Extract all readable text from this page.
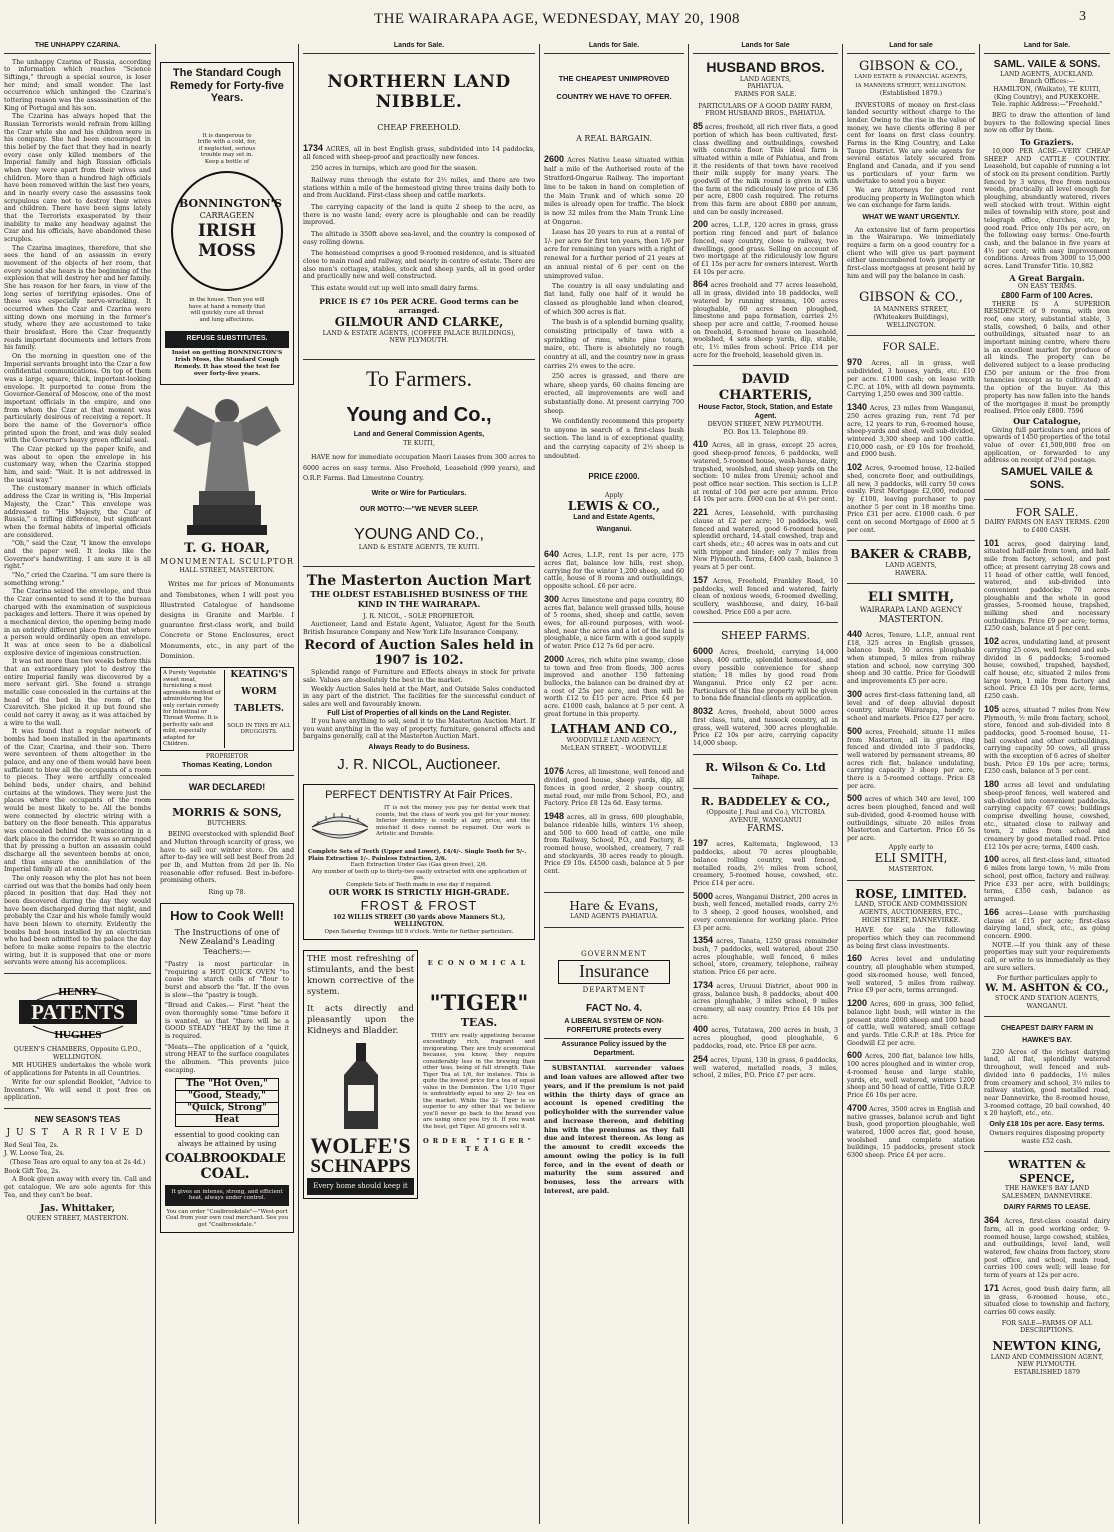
THE WAIRARAPA AGE, WEDNESDAY, MAY 20, 1908	3
THE UNHAPPY CZARINA.

The unhappy Czarina of Russia, according to information which reaches "Science Siftings," through a special source, is loser her mind; and small wonder. The last occurrence which unhinged the Czarina's tottering reason was the assassination of the King of Portugal and his son.

The Czarina has always hoped that the Russian Terrorists would refrain from killing the Czar while she and his children were in his company. She had been encouraged in this belief by the fact that they had in nearly every case only killed members of the Imperial family and high Russian officials when they were apart from their wives and children. More than a hundred high officials have been removed within the last two years, and in nearly every case the assassins took scrupulous care not to destroy their wives and children. There have been signs lately that the Terrorists exasperated by their inability to make any headway against the Czar and his officials, have abandoned these scruples.

The Czarina imagines, therefore, that she sees the hand of an assassin in every movement of the objects of her room, that every sound she hears is the beginning of the explosion that will destroy her and her family. She has reason for her fears, in view of the long series of terrifying episodes. One of these was especially nerve-wracking. It occurred when the Czar and Czarina were sitting down one morning in the former's study, where they are accustomed to take their breakfast. Here the Czar frequently reads important documents and letters from his family.

On the morning in question one of the Imperial servants brought into the Czar a few confidential communications. On top of them was a large, square, thick, important-looking envelope. It purported to come from the Governor-General of Moscow, one of the most important officials in the empire, and one from whom the Czar at that moment was particularly desirous of receiving a report. It bore the name of the Governor's office printed upon the front, and was duly sealed with the Governor's heavy green official seal.

The Czar picked up the paper knife, and was about to open the envelope in his customary way, when the Czarina stopped him, and said: "Wait. It is not addressed in the usual way."

The customary manner in which officials address the Czar in writing is, "His Imperial Majesty, the Czar." This envelope was addressed to "His Majesty, the Czar of Russia," a trifling difference, but significant when the formal habits of imperial officials are considered.

"Oh," said the Czar, "I know the envelope and the paper well. It looks like the Governor's handwriting. I am sure it is all right."

"No," cried the Czarina. "I am sure there is something wrong."

The Czarina seized the envelope, and thus the Czar consented to send it to the bureau charged with the examination of suspicious packages and letters. There it was opened by a mechanical device, the opening being made in an entirely different place from that where a person would ordinarily open an envelope. It was at once seen to be a diabolical explosive device of ingenious construction.

It was not more than two weeks before this that an extraordinary plot to destroy the entire Imperial family was discovered by a mere servant girl. She found a strange metallic case concealed in the curtains at the head of the bed in the room of the Czarevitch. She picked it up but found she could not carry it away, as it was attached by a wire to the wall.

It was found that a regular network of bombs had been installed in the apartments of the Czar, Czarina, and their son. There were seventeen of them altogether in the palace, and any one of them would have been sufficient to blow all the occupants of a room to pieces. They were artfully concealed behind beds, under chairs, and behind curtains at the windows. They were just the places where the occupants of the room would be most likely to be. All the bombs were connected by electric wiring with a battery on the floor beneath. This apparatus was concealed behind the wainscoting in a dark place in the corridor. It was so arranged that by pressing a button an assassin could discharge all the seventeen bombs at once, and thus ensure the annihilation of the Imperial family all at once.

The only reason why the plot has not been carried out was that the bombs had only been placed in position that day. Had they not been discovered during the day they would have been discharged during that night, and probably the Czar and his whole family would have been blown to eternity. Evidently the bombs had been installed by an electrician who had been admitted to the palace the day before to make some repairs to the electric wiring, but it is supposed that one or more servants were among his accomplices.

HENRY
PATENTS
HUGHES

QUEEN'S CHAMBERS, Opposite G.P.O., WELLINGTON.

MR HUGHES undertakes the whole work of applications for Patents in all Countries.

Write for our splendid Booklet, "Advice to Inventors." We will send it post free on application.

NEW SEASON'S TEAS
JUST ARRIVED

Red Seal Tea, 2s.

J. W. Loose Tea, 2s.

(These Teas are equal to any tea at 2s 4d.)

Book Gift Tea, 2s.

A Book given away with every tin. Call and get catalogue. We are sole agents for this Tea, and they can't be beat.

Jas. Whittaker,
QUEEN STREET, MASTERTON.
The Standard Cough Remedy for Forty-five Years.
It is dangerous to trifle with a cold, for, if neglected, serious trouble may set in. Keep a bottle of
BONNINGTON'S
CARRAGEEN
IRISH MOSS
in the house. Then you will have at hand a remedy that will quickly cure all throat and lung affections.
REFUSE SUBSTITUTES.
Insist on getting BONNINGTON'S Irish Moss, the Standard Cough Remedy. It has stood the test for over forty-five years.
T. G. HOAR,
MONUMENTAL SCULPTOR
HALL STREET, MASTERTON.

Writes me for prices of Monuments and Tombstones, when I will post you Illustrated Catalogue of handsome designs in Granite and Marble. I guarantee first-class work, and build Concrete or Stone Enclosures, erect Monuments, etc., in any part of the Dominion.

A Purely Vegetable sweet meat, furnishing a most agreeable method of administering the only certain remedy for Intestinal or Thread Worms. It is perfectly safe and mild, especially adapted for Children.
KEATING'S
WORM
TABLETS.
SOLD IN TINS BY ALL DRUGGISTS.
PROPRIETOR
Thomas Keating, London
WAR DECLARED!
MORRIS & SONS,
BUTCHERS.

BEING overstocked with splendid Beef and Mutton through scarcity of grass, we have to sell our winter store. On and after to-day we will sell best Beef from 2d per lb, and Mutton from 2d per lb. No reasonable offer refused. Best in-before-promising others.

Ring up 78.
How to Cook Well!
The Instructions of one of New Zealand's Leading Teachers:—

"Pastry is most particular in "requiring a HOT QUICK OVEN "to cause the starch cells of "flour to burst and absorb the "fat. If the oven is slow—the "pastry is tough.

"Bread and Cakes.— First "heat the oven thoroughly some "time before it is wanted, so that "there will be a GOOD STEADY "HEAT by the time it is required.

"Meats—The application of a "quick, strong HEAT to the surface coagulates the albumen. "This prevents juice escaping.

The "Hot Oven,"
"Good, Steady,"
"Quick, Strong"
Heat
essential to good cooking can always be attained by using
COALBROOKDALE
COAL.
It gives an intense, strong, and efficient heat, always under control.
You can order "Coalbrookdale"—"West-port Coal from your own coal merchant. See you get "Coalbrookdale."
Lands for Sale.
NORTHERN LAND NIBBLE.
CHEAP FREEHOLD.

1734 ACRES, all in best English grass, subdivided into 14 paddocks, all fenced with sheep-proof and practically new fences.

250 acres in turnips, which are good for the season.

Railway runs through the estate for 2½ miles, and there are two stations within a mile of the homestead giving three trains daily both to and from Auckland. First-class sheep and cattle markets.

The carrying capacity of the land is quite 2 sheep to the acre, as there is no waste land; every acre is ploughable and can be readily improved.

The altitude is 350ft above sea-level, and the country is composed of easy rolling downs.

The homestead comprises a good 9-roomed residence, and is situated close to main road and railway, and nearly in centre of estate. There are also men's cottages, stables, stock and sheep yards, all in good order and practically new and well constructed.

This estate would cut up well into small dairy farms.

PRICE IS £7 10s PER ACRE. Good terms can be arranged.
GILMOUR AND CLARKE,
LAND & ESTATE AGENTS, (COFFEE PALACE BUILDINGS),
NEW PLYMOUTH.
To Farmers.
Young and Co.,
Land and General Commission Agents,
TE KUITI,

HAVE now for immediate occupation Maori Leases from 300 acres to 6000 acres on easy terms. Also Freehold, Leasehold (999 years), and O.R.P. Farms. Bad Limestone Country.

Write or Wire for Particulars.
OUR MOTTO:—"WE NEVER SLEEP.
YOUNG AND Co.,
LAND & ESTATE AGENTS, TE KUITI.
The Masterton Auction Mart
THE OLDEST ESTABLISHED BUSINESS OF THE KIND IN THE WAIRARAPA.
J. R. NICOL, - SOLE PROPRIETOR.

Auctioneer, Land and Estate Agent, Valuator, Agent for the South British Insurance Company and New York Life Insurance Company.

Record of Auction Sales held in 1907 is 102.

Splendid range of Furniture and Effects always in stock for private sale. Values are absolutely the best in the market.

Weekly Auction Sales held at the Mart, and Outside Sales conducted in any part of the district. The facilities for the successful conduct of sales are well and favourably known.

Full List of Properties of all kinds on the Land Register.

If you have anything to sell, send it to the Masterton Auction Mart. If you want anything in the way of property, furniture, general effects and bargains generally, call at the Masterton Auction Mart.

Always Ready to do Business.
J. R. NICOL, Auctioneer.
PERFECT DENTISTRY At Fair Prices.

IT is not the money you pay for dental work that counts, but the class of work you get for your money. Inferior dentistry is costly at any price, and the mischief it does cannot be repaired. Our work is Artistic and Durable.

Complete Sets of Teeth (Upper and Lower), £4/4/-. Single Tooth for 5/-. Plain Extraction 1/-. Painless Extraction, 2/6.
Each Extraction Under Gas (Gas given free), 2/6.
Any number of teeth up to thirty-two easily extracted with one application of gas.
Complete Sets of Teeth made in one day if required.
OUR WORK IS STRICTLY HIGH-GRADE.
FROST & FROST
102 WILLIS STREET (30 yards above Manners St.), WELLINGTON.
Open Saturday Evenings till 9 o'clock. Write for further particulars.

THE most refreshing of stimulants, and the best known corrective of the system.

It acts directly and pleasantly upon the Kidneys and Bladder.

WOLFE'S
SCHNAPPS
Every home should keep it
ECONOMICAL
"TIGER"
TEAS.

THEY are really appetising because exceedingly rich, fragrant and invigorating. They are truly economical because, you know, they require considerably less in the brewing than other teas, being of full strength. Take Tiger Tea at 1/6, for instance. This is quite the lowest price for a tea of equal value in the Dominion. The 1/10 Tiger is undoubtedly equal to any 2/- tea on the market. While the 2/- Tiger is so superior to any other that we believe you'll never go back to the brand you are using once you try it. If you want the best, get Tiger. All grocers sell it.

ORDER "TIGER" TEA
Lands for Sale.
THE CHEAPEST UNIMPROVED COUNTRY WE HAVE TO OFFER.
A REAL BARGAIN.

2600 Acres Native Lease situated within half a mile of the Authorised route of the Stratford-Ongarue Railway. The important line to be taken in hand on completion of the Main Trunk and of which some 20 miles is already open for traffic. The block is now 32 miles from the Main Trunk Line at Ongarue.

Lease has 20 years to run at a rental of 1/- per acre for first ten years, then 1/6 per acre for remaining ten years with a right of renewal for a further period of 21 years at an annual rental of 6 per cent on the unimproved value.

The country is all easy undulating and flat land, fully one half of it would be classed as ploughable land when cleared, of which 300 acres is flat.

The bush is of a splendid burning quality, consisting principally of tawa with a sprinkling of rimu, white pine totara, maire, etc. There is absolutely no rough country at all, and the country now in grass carries 2½ ewes to the acre.

250 acres is grassed, and there are whare, sheep yards, 60 chains fencing are erected, all improvements are well and substantially done. At present carrying 700 sheep.

We confidently recommend this property to anyone in search of a first-class bush section. The land is of exceptional quality, and the carrying capacity of 2½ sheep is undoubted.

PRICE £2000.
Apply
LEWIS & CO.,
Land and Estate Agents,
Wanganui.

640 Acres, L.I.P., rent 1s per acre, 175 acres flat, balance low hills, rest shop, carrying for the winter 1,200 sheep, and 60 cattle, house of 8 rooms and outbuildings, opposite school. £6 per acre.

300 Acres limestone and papa country, 80 acres flat, balance well grassed hills, house of 5 rooms, shed, sheep and cattle, seven ewes, for all-round purposes, with wool-shed, near the acres and a lot of the land is ploughable, a nice farm with a good supply of water. Price £12 7s 6d per acre.

2000 Acres, rich white pine swamp, close to town and free from floods, 300 acres improved and another 150 fattening bullocks, the balance can be drained dry at a cost of 25s per acre, and then will be worth £12 to £15 per acre. Price £4 per acre. £1000 cash, balance at 5 per cent. A great fortune in this property.

LATHAM AND CO.,
WOODVILLE LAND AGENCY,
McLEAN STREET, - WOODVILLE

1076 Acres, all limestone, well fenced and divided, good house, sheep yards, dip, all fences in good order, 2 sheep country, metal road, our mile from School, P.O., and Factory. Price £8 12s 6d. Easy terms.

1948 acres, all in grass, 600 ploughable, balance rideable hills, winters 1½ sheep, and 500 to 600 head of cattle, one mile from Railway, School, P.O., and Factory, 8-roomed house, woolshed, creamery, 7 rail and stockyards, 30 acres ready to plough. Price £9 10s. £4500 cash, balance at 5 per cent.

Hare & Evans,
LAND AGENTS PAHIATUA.
GOVERNMENT
Insurance
DEPARTMENT
FACT No. 4.
A LIBERAL SYSTEM OF NON-FORFEITURE protects every
Assurance Policy issued by the Department.

SUBSTANTIAL surrender values and loan values are allowed after two years, and if the premium is not paid within the thirty days of grace an account is opened crediting the policyholder with the surrender value and increase thereon, and debiting him with the premiums as they fall due and interest thereon. As long as the amount to credit exceeds the amount owing the policy is in full force, and in the event of death or maturity the sum assured and bonuses, less the arrears with interest, are paid.

Lands for Sale
HUSBAND BROS.
LAND AGENTS,
PAHIATUA.
FARMS FOR SALE.
PARTICULARS OF A GOOD DAIRY FARM, FROM HUSBAND BROS., PAHIATUA.

85 acres, freehold, all rich river flats, a good portion of which has been cultivated, first-class dwelling and outbuildings, cowshed with concrete floor. This ideal farm is situated within a mile of Pahiatua, and from it the residents of that town have received their milk supply for many years. The goodwill of the milk round is given in with the farm at the ridiculously low price of £36 per acre, £800 cash required. The returns from this farm are about £800 per annum, and can be easily increased.

200 acres, L.I.P., 120 acres in grass, grass portion ring fenced and part of balance fenced, easy country, close to railway, two dwellings, good grass. Selling on account of two mortgage at the ridiculously low figure of £1 15s per acre for owners interest. Worth £4 10s per acre.

864 acres freehold and 77 acres leasehold, all in grass, divided into 18 paddocks, well watered by running streams, 100 acres ploughable, 60 acres been ploughed, limestone and papa formation, carries 2½ sheep per acre and cattle, 7-roomed house on freehold, 8-roomed house on leasehold, woolshed, 4 sets sheep yards, dip, stable, etc, 1½ miles from school. Price £14 per acre for the freehold, leasehold given in.

DAVID CHARTERIS,
House Factor, Stock, Station, and Estate Agent.
DEVON STREET, NEW PLYMOUTH.
P.O. Box 13. Telephone 89.

410 Acres, all in grass, except 25 acres, good sheep-proof fences, 6 paddocks, well watered, 5-roomed house, wash-house, dairy, trapshed, woolshed, and sheep yards on the section: 10 miles from Urenui; school and post office near section. This section is L.I.P. at rental of 10d per acre per annum. Price £4 10s per acre. £600 can be at 4½ per cent.

221 Acres, Leasehold, with purchasing clause at £2 per acre; 10 paddocks, well fenced and watered, good 6-roomed house, splendid orchard, 14-stall cowshed, trap and cart sheds, etc.; 40 acres was in oats and cut with tripper and binder; only 7 miles from New Plymouth. Terms, £400 cash, balance 3 years at 5 per cent.

157 Acres, Freehold, Frankley Road, 10 paddocks, well fenced and watered, fairly clean of noxious weeds, 6-roomed dwelling, scullery, washhouse, and dairy, 16-bail cowshed. Price £60 a per acre.

SHEEP FARMS.

6000 Acres, freehold, carrying 14,000 sheep, 400 cattle, splendid homestead, and every possible convenience for sheep station; 18 miles by good road from Wanganui. Price only £2 per acre. Particulars of this fine property will be given to bona fide financial clients on application.

8032 Acres, freehold, about 5000 acres first class, tutu, and tussock country, all in grass, well watered, 300 acres ploughable. Price £2 10s per acre, carrying capacity 14,000 sheep.

R. Wilson & Co. Ltd
Taihape.
R. BADDELEY & CO.,
(Opposite J. Paul and Co.), VICTORIA AVENUE, WANGANUI
FARMS.

197 acres, Kaitemata, Inglewood, 13 paddocks, about 70 acres ploughable, balance rolling country, well fenced, metalled roads, 2½ miles from school, creamery, 5-roomed house, cowshed, etc. Price £14 per acre.

5000 acres, Wanganui District, 200 acres in bush, well fenced, metalled roads, carry 2½ to 3 sheep, 2 good houses, woolshed, and every convenience for working place. Price £3 per acre.

1354 acres, Tanata, 1250 grass remainder bush, 7 paddocks, well watered, about 250 acres ploughable, well fenced, 6 miles school, store, creamery, telephone, railway station. Price £6 per acre.

1734 acres, Uruuui District, about 900 in grass, balance bush, 8 paddocks, about 400 acres ploughable, 3 miles school, 9 miles creamery, all easy country. Price £4 10s per acre.

400 acres, Tutatawa, 200 acres in bush, 3 acres ploughed, good ploughable, 6 paddocks, road, etc. Price £8 per acre.

254 acres, Upuni, 130 in grass, 6 paddocks, well watered, metalled roads, 3 miles, school, 2 miles, P.O. Price £7 per acre.

Land for sale
GIBSON & CO.,
LAND ESTATE & FINANCIAL AGENTS,
IA MANNERS STREET, WELLINGTON.
(Established 1879.)

INVESTORS of money on first-class landed security without charge to the lender. Owing to the rise in the value of money, we have clients offering 8 per cent for loans on first class country. Farms in the King Country, and Lake Taupo District. We are sole agents for several estates lately secured from England and Canada, and if you send us particulars of your farm we undertake to send you a buyer.

We are Attorneys for good rent producing property in Wellington which we can exchange for farm lands.

WHAT WE WANT URGENTLY.

An extensive list of farm properties in the Wairarapa. We immediately require a farm on a good country for a client who will give us part payment either unencumbered town property or first-class mortgages at present held by him and will pay the balance in cash.

GIBSON & CO.,
IA MANNERS STREET,
(Whiteakers Buildings),
WELLINGTON.
FOR SALE.

970 Acres, all in grass, well subdivided, 3 houses, yards, etc. £10 per acre. £1000 cash; on lease with C.P.C. at 10%, with all down payments. Carrying 1,250 ewes and 300 cattle.

1340 Acres, 23 miles from Wanganui, 250 acres grazing run, rent 7d per acre, 12 years to run, 6-roomed house, sheep-yards and shed, well sub-divided, wintered 3,300 sheep and 100 cattle. £10,000 cash, or £9 10s for freehold, and £900 bush.

102 Acres, 9-roomed house, 12-bailed shed, concrete floor, and outbuildings, all new, 3 paddocks, will carry 50 cows easily. First Mortgage £2,000, reduced by £100, leaving purchaser to pay another 5 per cent in 18 months time. Price £31 per acre. £1000 cash. 6 per cent on second Mortgage of £600 at 5 per cent.

BAKER & CRABB,
LAND AGENTS,
HAWERA.
ELI SMITH,
WAIRARAPA LAND AGENCY
MASTERTON.

440 Acres, Tenure, L.I.P., annual rent £18, 325 acres in English grasses, balance bush, 30 acres ploughable when stumped, 5 miles from railway station and school, now carrying 300 sheep and 30 cattle. Price for Goodwill and improvements £5 per acre.

300 acres first-class fattening land, all level and of deep alluvial deposit country, situate Wairarapa, handy to school and markets. Price £27 per acre.

500 acres, Freehold, situate 11 miles from Masterton, all in grass, ring fenced and divided into 3 paddocks, well watered by permanent streams, 80 acres rich flat, balance undulating, carrying capacity 3 sheep per acre, there is a 5-roomed cottage. Price £8 per acre.

500 acres of which 340 are level, 100 acres been ploughed, fenced and well sub-divided, good 4-roomed house with outbuildings, situate 20 miles from Masterton and Carterton. Price £6 5s per acre.

Apply early to
ELI SMITH,
MASTERTON.
ROSE, LIMITED.
LAND, STOCK AND COMMISSION AGENTS, AUCTIONEERS, ETC.,
HIGH STREET, DANNEVIRKE.

HAVE for sale the following properties which they can recommend as being first class investments.

160 Acres level and undulating country, all ploughable when stumped, good six-roomed house, well fenced, well watered, 5 miles from railway. Price £9 per acre, terms arranged.

1200 Acres, 600 in grass, 300 felled, balance light bush, will winter in the present state 2000 sheep and 100 head of cattle, well watered, small cottage and yards. Title C.R.P. at 18s. Price for Goodwill £2 per acre.

600 Acres, 200 flat, balance low hills, 100 acres ploughed and in winter crop, 4-roomed house and large stable, yards, etc, well watered, winters 1200 sheep and 50 head of cattle, Title O.R.P. Price £6 10s per acre.

4700 Acres, 3500 acres in English and native grasses, balance scrub and light bush, good proportion ploughable, well watered, 1000 acres flat, good house, woolshed and complete station buildings, 15 paddocks, present stock 6300 sheep. Price £4 per acre.

Land for Sale.
SAML. VAILE & SONS.
LAND AGENTS, AUCKLAND.
Branch Offices:—
HAMILTON, (Waikato), TE KUITI, (King Country), and PUKEKOHE.
Tele. raphic Address:—"Freehold."

BEG to draw the attention of land buyers to the following special lines now on offer by them.

To Graziers.

10,000 PER ACRE—VERY CHEAP SHEEP AND CATTLE COUNTRY. Leasehold, but capable of running a lot of stock on its present condition. Partly fenced by 3 wires, free from noxious weeds, practically all level enough for ploughing, abundantly watered, rivers well stocked with trout. Within eight miles of township with store, post and telegraph office, churches, etc, by good road. Price only 10s per acre, on the following easy terms: One-fourth cash, and the balance in five years at 4½ per cent; with easy improvement conditions. Areas from 3000 to 15,000 acres. Land Transfer Title. 10,882

A Great Bargain.
ON EASY TERMS.
£800 Farm of 100 Acres.

THERE IS A SUPERIOR RESIDENCE of 9 rooms, with iron roof, one story, substantial stable, 3 stalls, cowshed, 6 bails, and other outbuildings, situated near to an important mining centre, where there is an excellent market for produce of all kinds. The property can be delivered subject to a lease producing £50 per annum or the free from tenancies (except as to cultivated) at the option of the buyer. As this property has now fallen into the hands of the mortgagee it must be promptly realised. Price only £800. 7596

Our Catalogue,

Giving full particulars and prices of upwards of 1450 properties of the total value of over £1,500,000 free on application, or forwarded to any address on receipt of 2½d postage.

SAMUEL VAILE &
SONS.
FOR SALE.
DAIRY FARMS ON EASY TERMS. £200 to £400 CASH.

101 acres, good dairying land, situated half-mile from town, and half-mile from factory, school, and post office; at present carrying 28 cows and 11 head of other cattle, well fenced, watered, and sub-divided into convenient paddocks; 70 acres ploughable and the whole in good grasses, 5-roomed house, trapshed, milking shed and necessary outbuildings. Price £9 per acre; terms, £250 cash, balance at 5 per cent.

102 acres, undulating land, at present carrying 25 cows, well fenced and sub-divided in 6 paddocks; 5-roomed house, cowshed, trapshed, hayshed, calf house, etc, situated 2 miles from large town, 1 mile from factory and school. Price £3 10s per acre, terms, £250 cash.

105 acres, situated 7 miles from New Plymouth, ½ mile from factory, school, store, fenced and sub-divided into 8 paddocks, good 5-roomed house, 11-bail cowshed and other outbuildings, carrying capacity 50 cows, all grass with the exception of 6 acres of shelter bush. Price £9 10s per acre; terms, £250 cash, balance at 5 per cent.

180 acres all level and undulating sheep-proof fences, well watered and sub-divided into convenient paddocks, carrying capacity 67 cows; buildings comprise dwelling house, cowshed, etc., situated close to railway and town, 2 miles from school and creamery by good metalled road. Price £12 10s per acre; terms, £400 cash.

100 acres, all first-class land, situated 6 miles from large town, ½ mile from school, post office, factory and railway. Price £33 per acre, with buildings; terms, £350 cash, balance as arranged.

166 acres—Lease with purchasing clause at £15 per acre; first-class dairying land, stock, etc., as going concern. £900.

NOTE.—If you think any of these properties may suit your requirements call, or write to us immediately as they are sure sellers.

For further particulars apply to
W. M. ASHTON & CO.,
STOCK AND STATION AGENTS,
WANGANUI.
CHEAPEST DAIRY FARM IN HAWKE'S BAY.

220 Acres of the richest dairying land, all flat, splendidly watered throughout, well fenced and sub-divided into 6 paddocks, 1½ miles from creamery and school, 3½ miles to railway station, good metalled road, near Dannevirke, the 8-roomed house, 3-roomed cottage, 20 bail cowshed, 40 x 20 hayloft, etc., etc.

Only £18 10s per acre. Easy terms.
Owners requires disposing property waste £52 cash.
WRATTEN & SPENCE,
THE HAWKE'S BAY LAND SALESMEN, DANNEVIRKE.
DAIRY FARMS TO LEASE.

364 Acres, first-class coastal dairy farm, all in good working order, 9-roomed house, large cowshed, stables, and outbuildings, level land, well watered, few chains from factory, store post office, and school, main road, carries 100 cows well; will lease for term of years at 12s per acre.

171 Acres, good bush dairy farm, all in grass, 6-roomed house, etc., situated close to township and factory, carries 60 cows easily.

FOR SALE—FARMS OF ALL DESCRIPTIONS.
NEWTON KING,
LAND AND COMMISSION AGENT,
NEW PLYMOUTH.
ESTABLISHED 1879
